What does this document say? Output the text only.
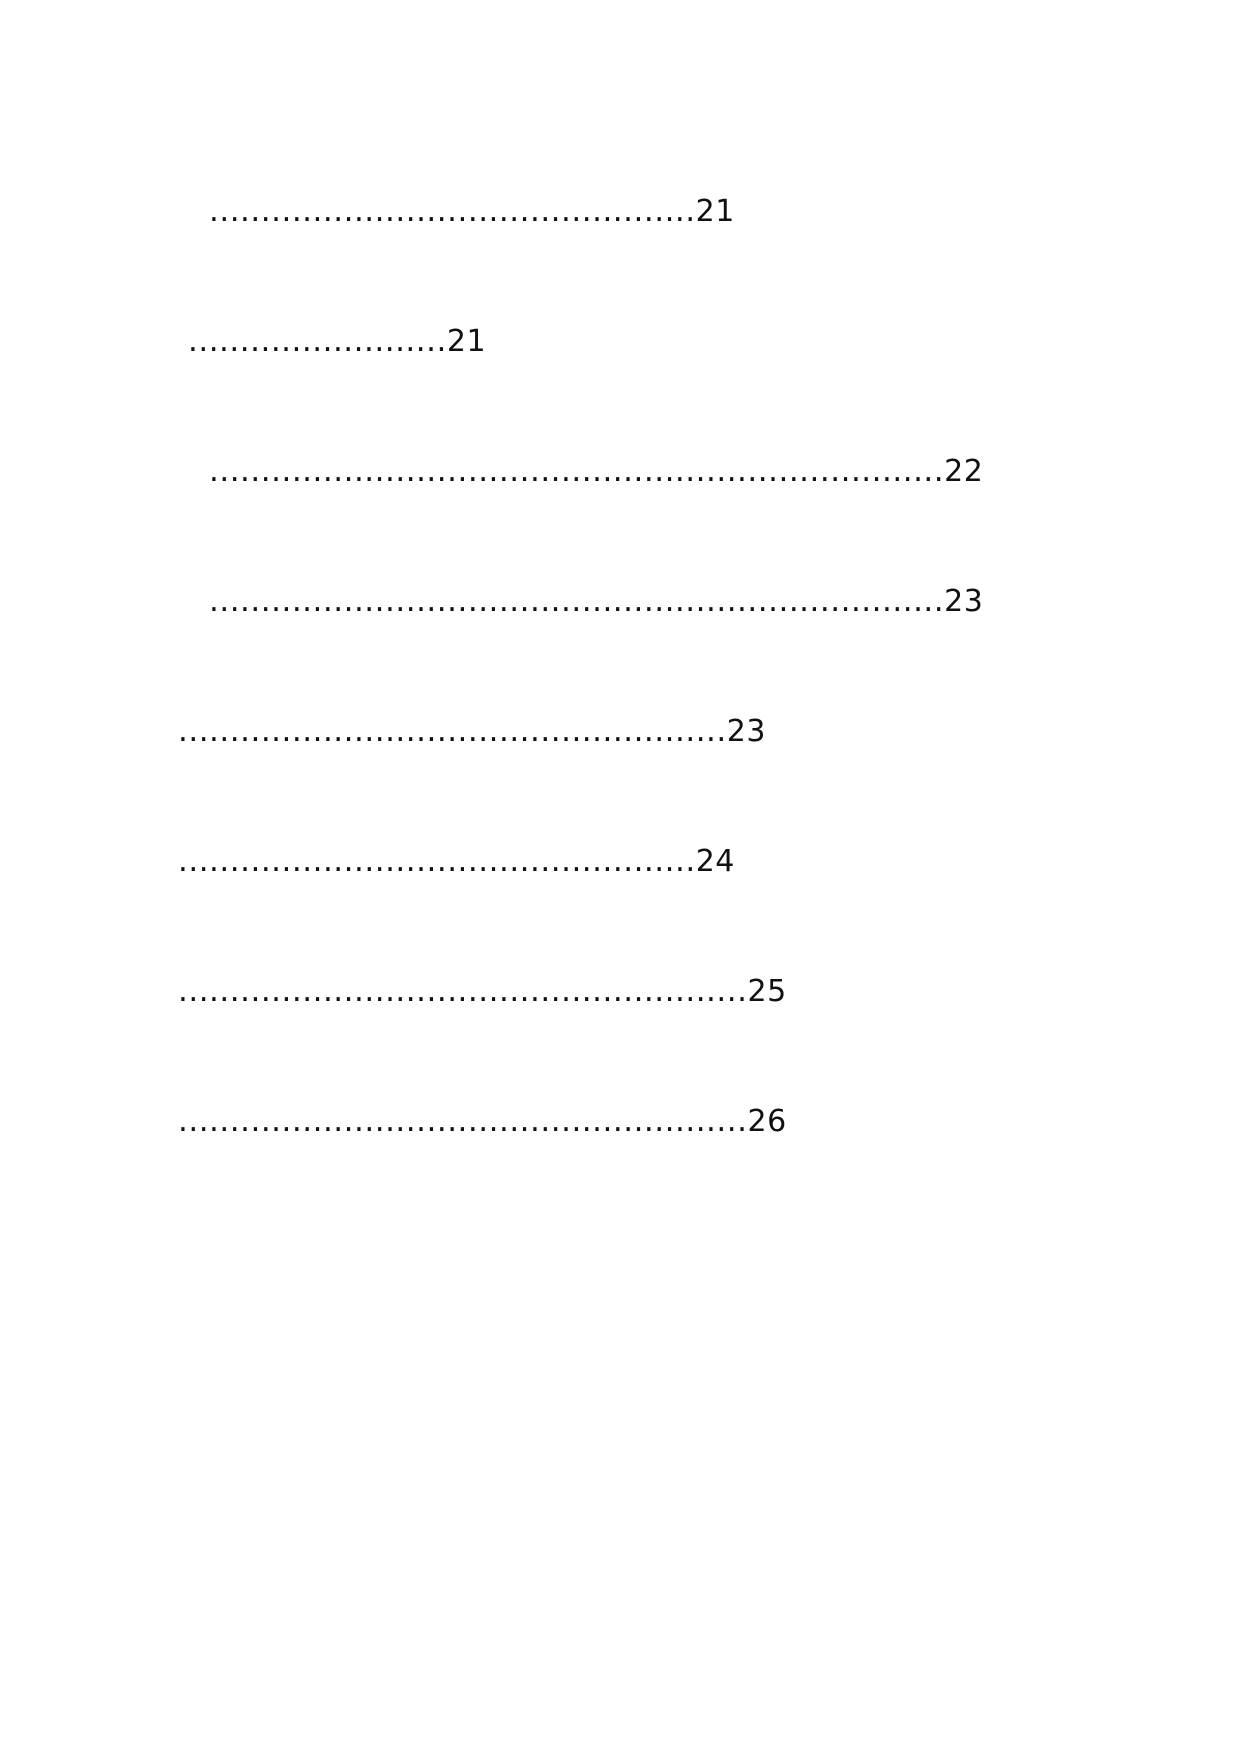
...............................................21
.........................21
.......................................................................22
.......................................................................23
.....................................................23
..................................................24
.......................................................25
.......................................................26
